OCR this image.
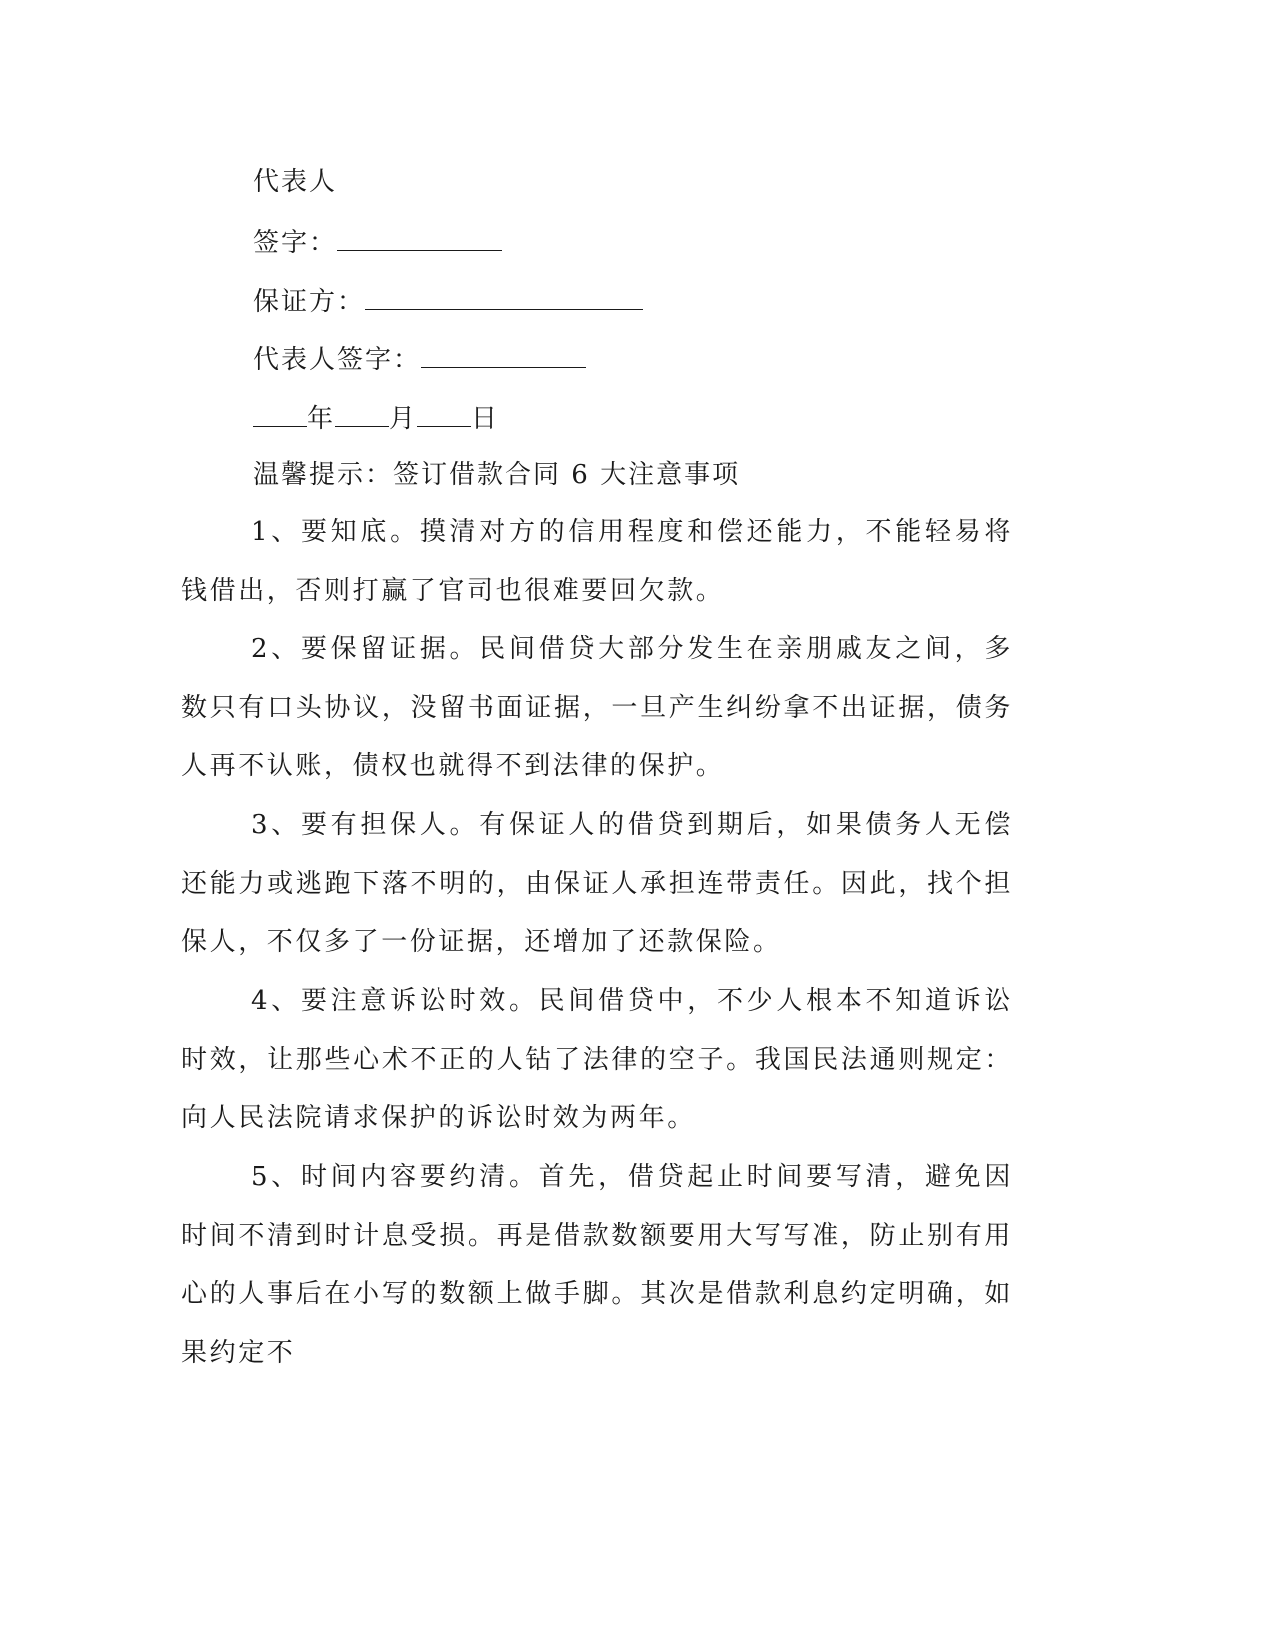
代表人
签字：
保证方：
代表人签字：
年 月 日
温馨提示：签订借款合同 6 大注意事项

1、要知底。摸清对方的信用程度和偿还能力，不能轻易将钱借出，否则打赢了官司也很难要回欠款。

2、要保留证据。民间借贷大部分发生在亲朋戚友之间，多数只有口头协议，没留书面证据，一旦产生纠纷拿不出证据，债务人再不认账，债权也就得不到法律的保护。

3、要有担保人。有保证人的借贷到期后，如果债务人无偿还能力或逃跑下落不明的，由保证人承担连带责任。因此，找个担保人，不仅多了一份证据，还增加了还款保险。

4、要注意诉讼时效。民间借贷中，不少人根本不知道诉讼时效，让那些心术不正的人钻了法律的空子。我国民法通则规定：向人民法院请求保护的诉讼时效为两年。

5、时间内容要约清。首先，借贷起止时间要写清，避免因时间不清到时计息受损。再是借款数额要用大写写准，防止别有用心的人事后在小写的数额上做手脚。其次是借款利息约定明确，如果约定不
